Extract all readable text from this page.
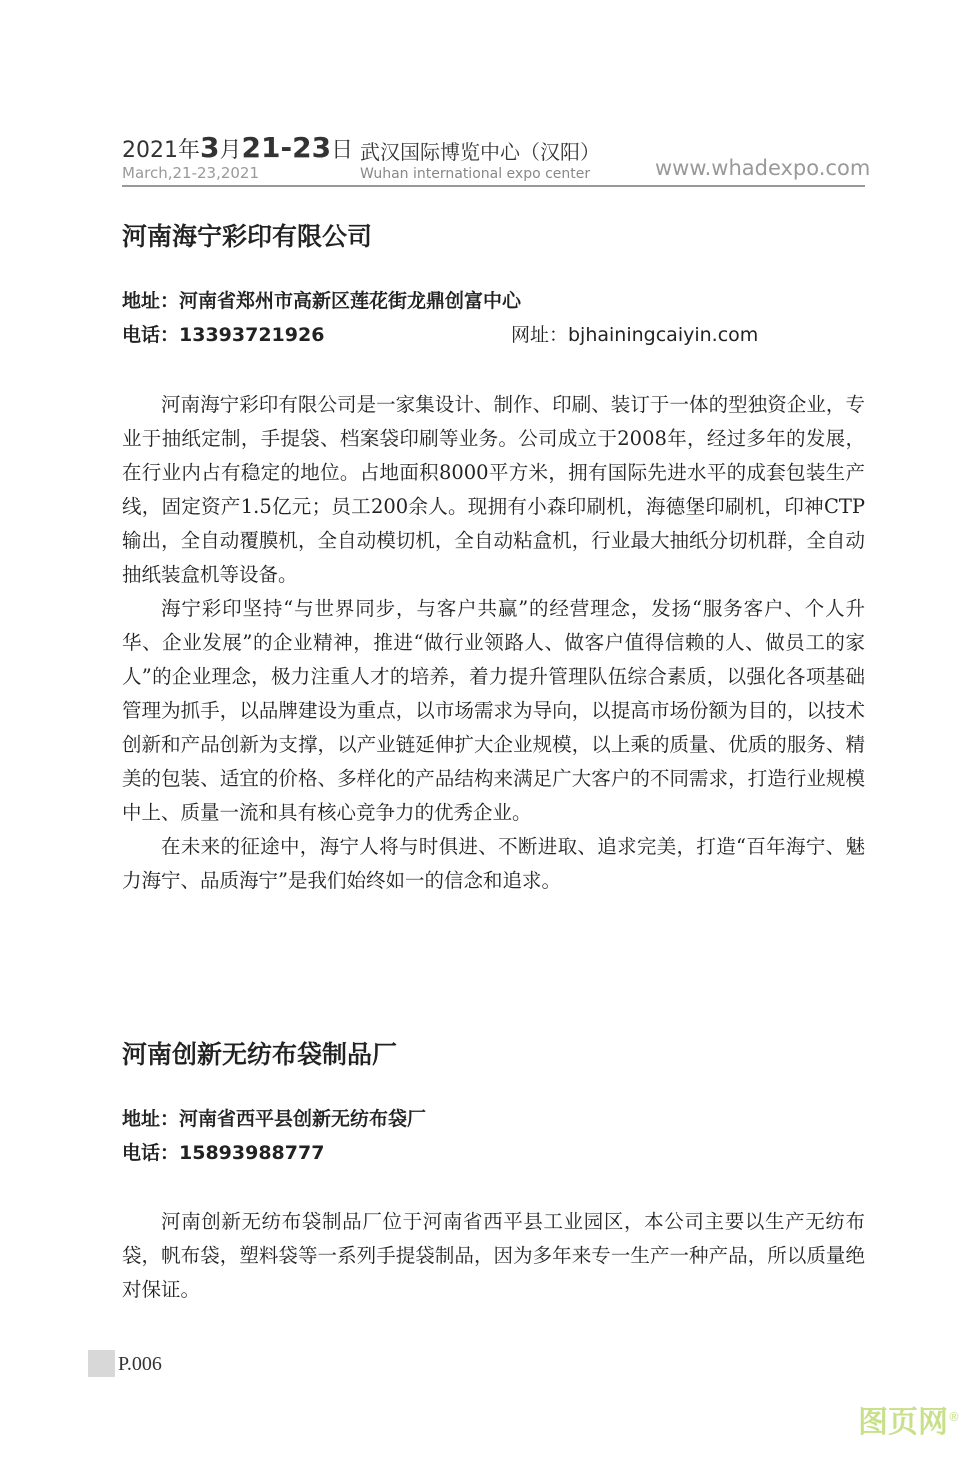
2021年3月21-23日
March,21-23,2021
武汉国际博览中心（汉阳）
Wuhan international expo center	www.whadexpo.com
河南海宁彩印有限公司
地址：河南省郑州市高新区莲花街龙鼎创富中心
电话：13393721926	网址：bjhainingcaiyin.com

河南海宁彩印有限公司是一家集设计、制作、印刷、装订于一体的型独资企业，专业于抽纸定制，手提袋、档案袋印刷等业务。公司成立于2008年，经过多年的发展，在行业内占有稳定的地位。占地面积8000平方米，拥有国际先进水平的成套包装生产线，固定资产1.5亿元；员工200余人。现拥有小森印刷机，海德堡印刷机，印神CTP输出，全自动覆膜机，全自动模切机，全自动粘盒机，行业最大抽纸分切机群，全自动抽纸装盒机等设备。

海宁彩印坚持“与世界同步，与客户共赢”的经营理念，发扬“服务客户、个人升华、企业发展”的企业精神，推进“做行业领路人、做客户值得信赖的人、做员工的家人”的企业理念，极力注重人才的培养，着力提升管理队伍综合素质，以强化各项基础管理为抓手，以品牌建设为重点，以市场需求为导向，以提高市场份额为目的，以技术创新和产品创新为支撑，以产业链延伸扩大企业规模，以上乘的质量、优质的服务、精美的包装、适宜的价格、多样化的产品结构来满足广大客户的不同需求，打造行业规模中上、质量一流和具有核心竞争力的优秀企业。

在未来的征途中，海宁人将与时俱进、不断进取、追求完美，打造“百年海宁、魅力海宁、品质海宁”是我们始终如一的信念和追求。

河南创新无纺布袋制品厂
地址：河南省西平县创新无纺布袋厂
电话：15893988777

河南创新无纺布袋制品厂位于河南省西平县工业园区，本公司主要以生产无纺布袋，帆布袋，塑料袋等一系列手提袋制品，因为多年来专一生产一种产品，所以质量绝对保证。

P.006
图页网®
